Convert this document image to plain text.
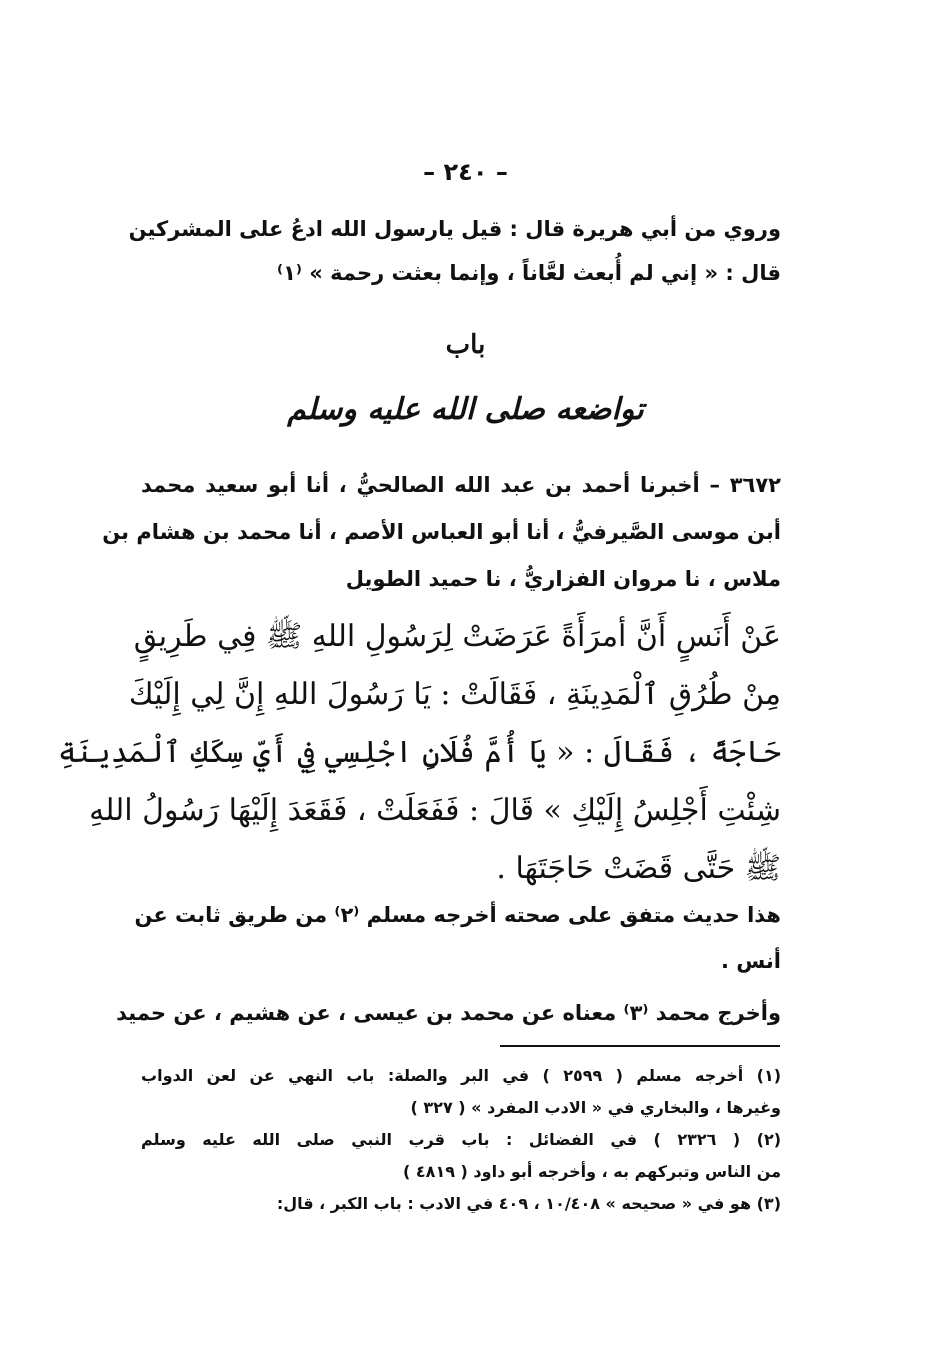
– ٢٤٠ –
وروي من أبي هريرة قال : قيل يارسول الله ادعُ على المشركين
قال : « إني لم أُبعث لعَّاناً ، وإنما بعثت رحمة » ⁽١⁾
باب
تواضعه صلى الله عليه وسلم
٣٦٧٢ – أخبرنا أحمد بن عبد الله الصالحيُّ ، أنا أبو سعيد محمد
أبن موسى الصَّيرفيُّ ، أنا أبو العباس الأصم ، أنا محمد بن هشام بن
ملاس ، نا مروان الفزاريُّ ، نا حميد الطويل
عَنْ أَنَسٍ أَنَّ أمرَأَةً عَرَضَتْ لِرَسُولِ اللهِ ﷺ فِي طَرِيقٍ
مِنْ طُرُقِ ٱلْمَدِينَةِ ، فَقَالَتْ : يَا رَسُولَ اللهِ إِنَّ لِي إِلَيْكَ
حَاجَةً ، فَقَالَ : « يَا أُمَّ فُلَانٍ اجْلِسِي فِي أَيِّ سِكَكِ ٱلْمَدِينَةِ
شِئْتِ أَجْلِسُ إِلَيْكِ » قَالَ : فَفَعَلَتْ ، فَقَعَدَ إِلَيْهَا رَسُولُ اللهِ
ﷺ حَتَّى قَضَتْ حَاجَتَهَا .
هذا حديث متفق على صحته أخرجه مسلم ⁽٢⁾ من طريق ثابت عن
أنس .
وأخرج محمد ⁽٣⁾ معناه عن محمد بن عيسى ، عن هشيم ، عن حميد
(١) أخرجه مسلم ( ٢٥٩٩ ) في البر والصلة: باب النهي عن لعن الدواب
وغيرها ، والبخاري في « الادب المفرد » ( ٣٢٧ )
(٢) ( ٢٣٢٦ ) في الفضائل : باب قرب النبي صلى الله عليه وسلم
من الناس وتبركهم به ، وأخرجه أبو داود ( ٤٨١٩ )
(٣) هو في « صحيحه » ١٠/٤٠٨ ، ٤٠٩ في الادب : باب الكبر ، قال:
